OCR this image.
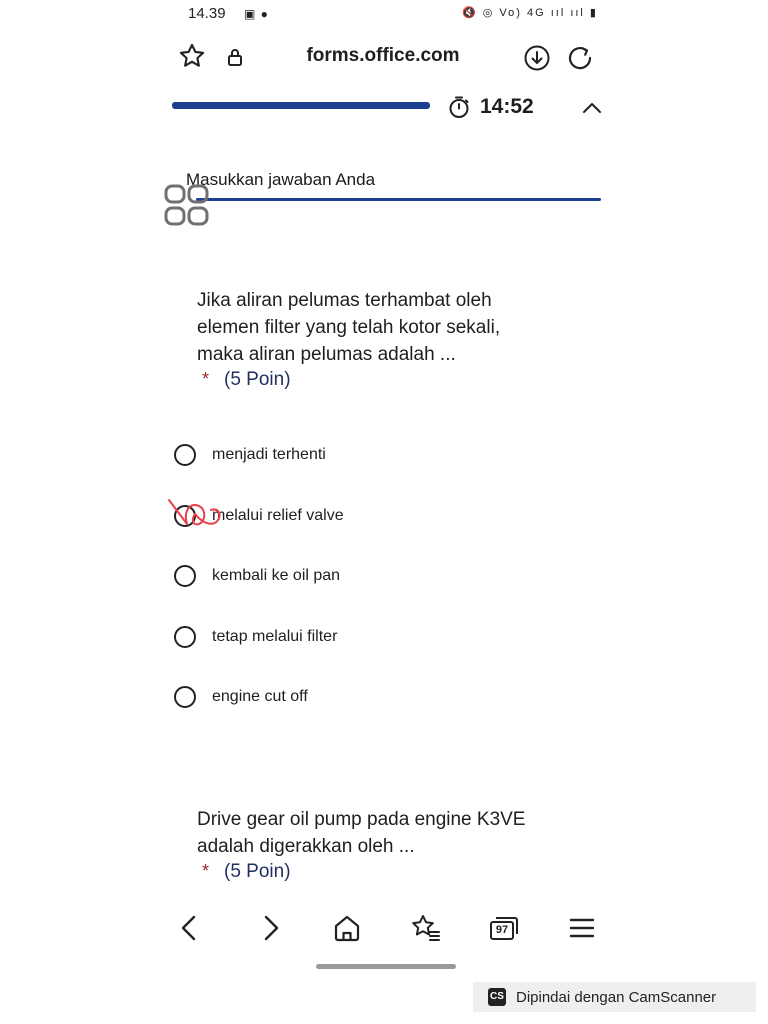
14.39 ▣ ●	🔇 ◎ Vo) 4G ııl ııl ▮
forms.office.com
14:52
Masukkan jawaban Anda
Jika aliran pelumas terhambat oleh
elemen filter yang telah kotor sekali,
maka aliran pelumas adalah ...
* (5 Poin)
menjadi terhenti
melalui relief valve
kembali ke oil pan
tetap melalui filter
engine cut off
Drive gear oil pump pada engine K3VE
adalah digerakkan oleh ...
* (5 Poin)
97
CS Dipindai dengan CamScanner
